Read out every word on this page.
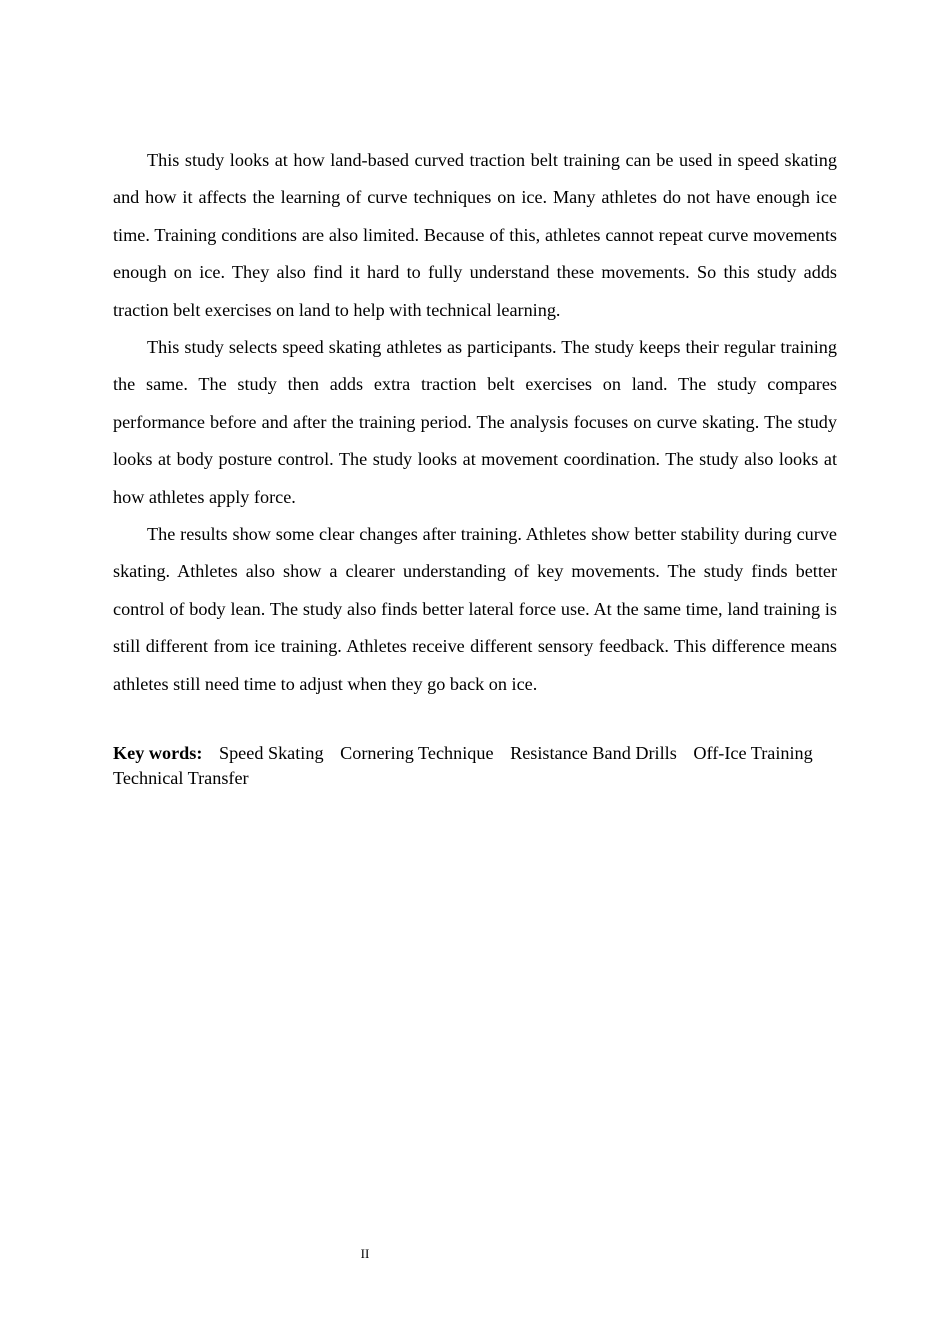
This study looks at how land-based curved traction belt training can be used in speed skating and how it affects the learning of curve techniques on ice. Many athletes do not have enough ice time. Training conditions are also limited. Because of this, athletes cannot repeat curve movements enough on ice. They also find it hard to fully understand these movements. So this study adds traction belt exercises on land to help with technical learning.

This study selects speed skating athletes as participants. The study keeps their regular training the same. The study then adds extra traction belt exercises on land. The study compares performance before and after the training period. The analysis focuses on curve skating. The study looks at body posture control. The study looks at movement coordination. The study also looks at how athletes apply force.

The results show some clear changes after training. Athletes show better stability during curve skating. Athletes also show a clearer understanding of key movements. The study finds better control of body lean. The study also finds better lateral force use. At the same time, land training is still different from ice training. Athletes receive different sensory feedback. This difference means athletes still need time to adjust when they go back on ice.

Key words: Speed Skating Cornering Technique Resistance Band Drills Off-Ice Training Technical Transfer
II
